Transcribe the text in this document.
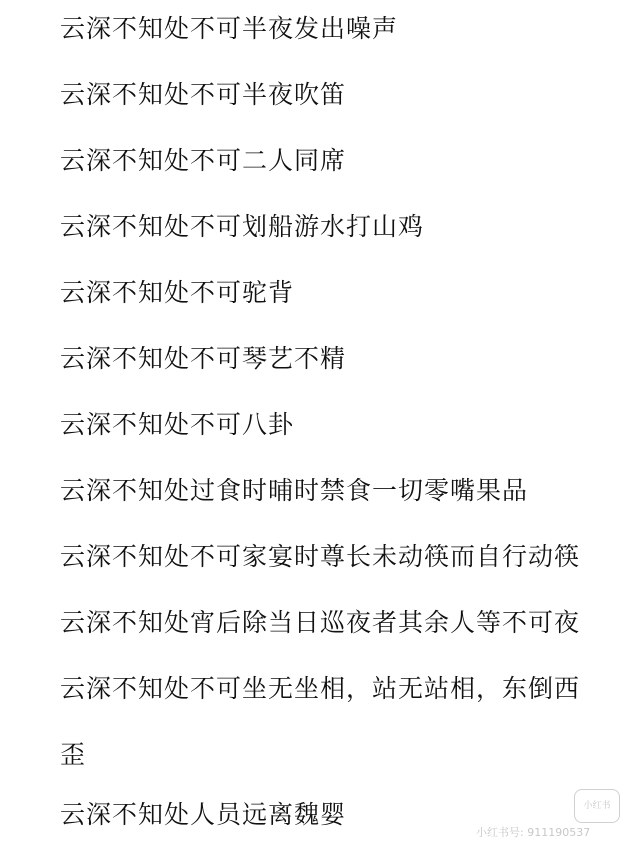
云深不知处不可半夜发出噪声
云深不知处不可半夜吹笛
云深不知处不可二人同席
云深不知处不可划船游水打山鸡
云深不知处不可驼背
云深不知处不可琴艺不精
云深不知处不可八卦
云深不知处过食时晡时禁食一切零嘴果品
云深不知处不可家宴时尊长未动筷而自行动筷
云深不知处宵后除当日巡夜者其余人等不可夜
云深不知处不可坐无坐相，站无站相，东倒西
歪
云深不知处人员远离魏婴	小红书
小红书号: 911190537
